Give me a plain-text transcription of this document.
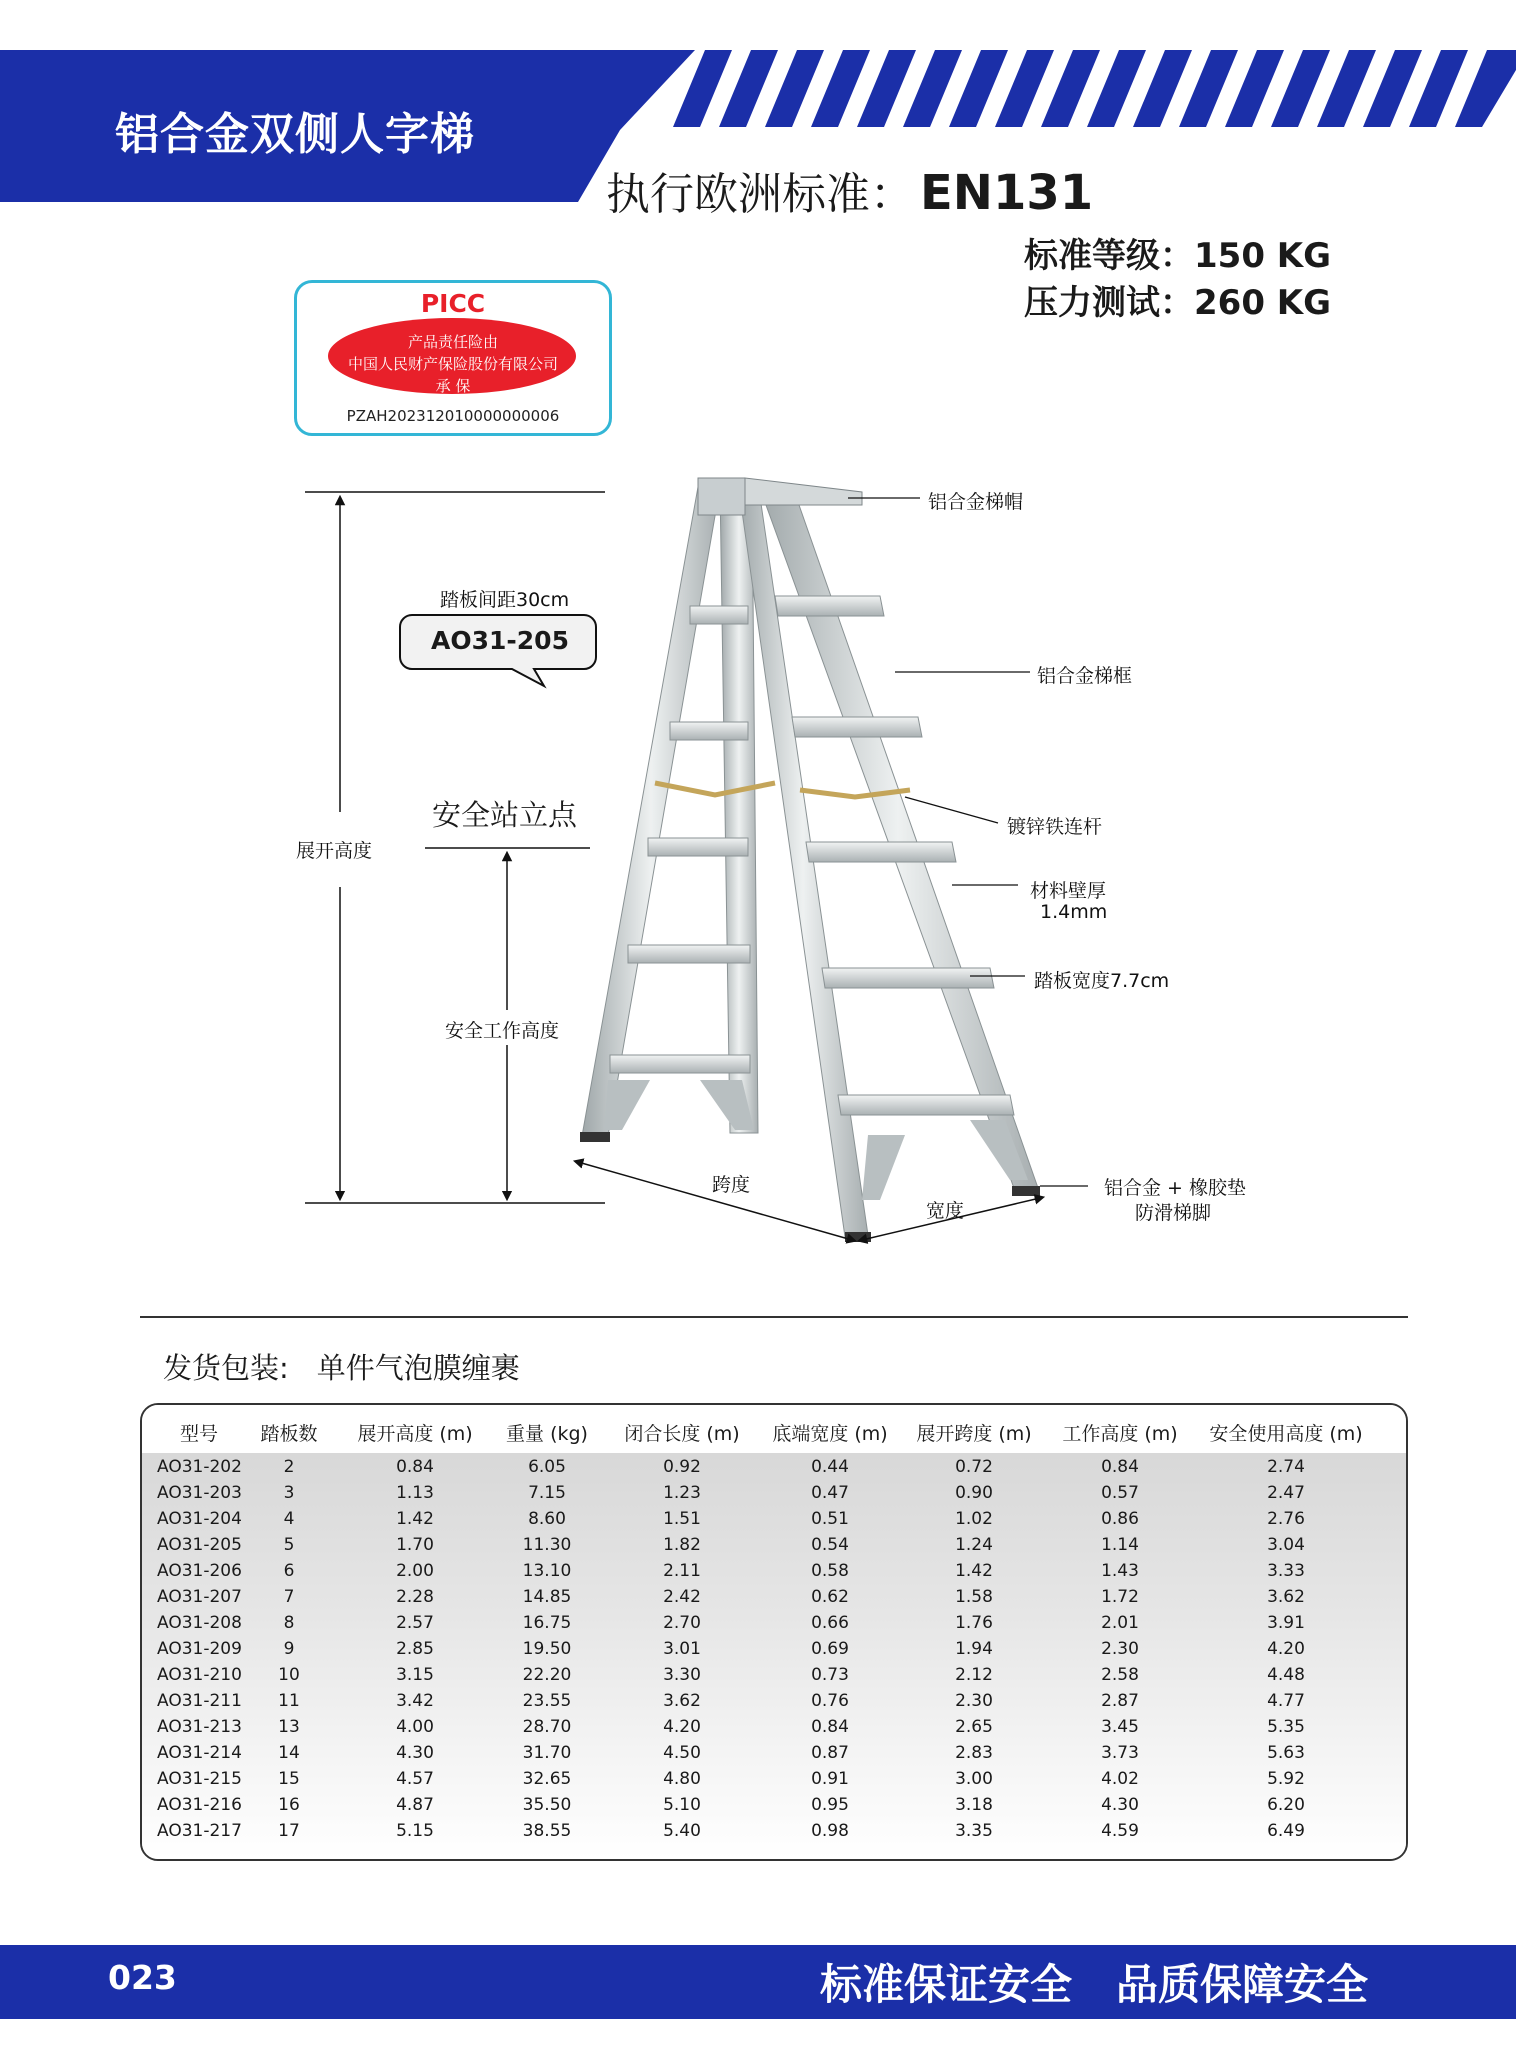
铝合金双侧人字梯
执行欧洲标准： EN131
标准等级：150 KG
压力测试：260 KG
PICC
产品责任险由
中国人民财产保险股份有限公司
承 保
PZAH202312010000000006
踏板间距30cm
AO31-205
安全站立点
展开高度
安全工作高度
跨度
宽度
铝合金梯帽
铝合金梯框
镀锌铁连杆
材料壁厚
1.4mm
踏板宽度7.7cm
铝合金 + 橡胶垫
防滑梯脚
发货包装: 单件气泡膜缠裹
型号 踏板数 展开高度 (m) 重量 (kg) 闭合长度 (m) 底端宽度 (m) 展开跨度 (m) 工作高度 (m) 安全使用高度 (m)
AO31-202 2	0.84	6.05	0.92	0.44	0.72	0.84	2.74
AO31-203 3	1.13	7.15	1.23	0.47	0.90	0.57	2.47
AO31-204 4	1.42	8.60	1.51	0.51	1.02	0.86	2.76
AO31-205 5	1.70	11.30	1.82	0.54	1.24	1.14	3.04
AO31-206 6	2.00	13.10	2.11	0.58	1.42	1.43	3.33
AO31-207 7	2.28	14.85	2.42	0.62	1.58	1.72	3.62
AO31-208 8	2.57	16.75	2.70	0.66	1.76	2.01	3.91
AO31-209 9	2.85	19.50	3.01	0.69	1.94	2.30	4.20
AO31-210 10	3.15	22.20	3.30	0.73	2.12	2.58	4.48
AO31-211 11	3.42	23.55	3.62	0.76	2.30	2.87	4.77
AO31-213 13	4.00	28.70	4.20	0.84	2.65	3.45	5.35
AO31-214 14	4.30	31.70	4.50	0.87	2.83	3.73	5.63
AO31-215 15	4.57	32.65	4.80	0.91	3.00	4.02	5.92
AO31-216 16	4.87	35.50	5.10	0.95	3.18	4.30	6.20
AO31-217 17	5.15	38.55	5.40	0.98	3.35	4.59	6.49
023	标准保证安全 品质保障安全
